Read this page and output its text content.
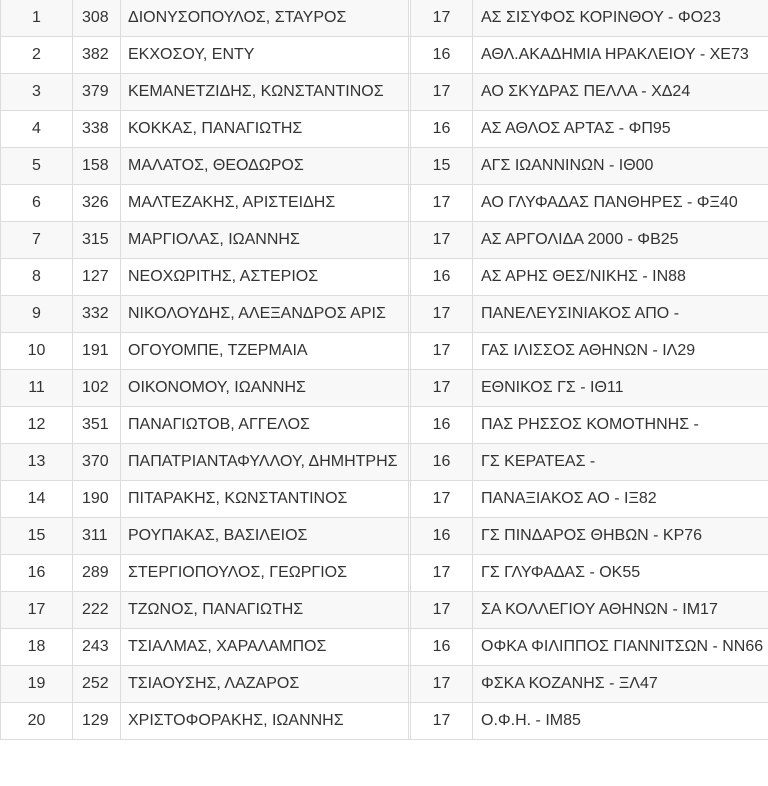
1	308	ΔΙΟΝΥΣΟΠΟΥΛΟΣ, ΣΤΑΥΡΟΣ		17	ΑΣ ΣΙΣΥΦΟΣ ΚΟΡΙΝΘΟΥ - ΦΟ23
2	382	ΕΚΧΟΣΟΥ, ΕΝΤΥ		16	ΑΘΛ.ΑΚΑΔΗΜΙΑ ΗΡΑΚΛΕΙΟΥ - ΧΕ73
3	379	ΚΕΜΑΝΕΤΖΙΔΗΣ, ΚΩΝΣΤΑΝΤΙΝΟΣ		17	ΑΟ ΣΚΥΔΡΑΣ ΠΕΛΛΑ - ΧΔ24
4	338	ΚΟΚΚΑΣ, ΠΑΝΑΓΙΩΤΗΣ		16	ΑΣ ΑΘΛΟΣ ΑΡΤΑΣ - ΦΠ95
5	158	ΜΑΛΑΤΟΣ, ΘΕΟΔΩΡΟΣ		15	ΑΓΣ ΙΩΑΝΝΙΝΩΝ - ΙΘ00
6	326	ΜΑΛΤΕΖΑΚΗΣ, ΑΡΙΣΤΕΙΔΗΣ		17	ΑΟ ΓΛΥΦΑΔΑΣ ΠΑΝΘΗΡΕΣ - ΦΞ40
7	315	ΜΑΡΓΙΟΛΑΣ, ΙΩΑΝΝΗΣ		17	ΑΣ ΑΡΓΟΛΙΔΑ 2000 - ΦΒ25
8	127	ΝΕΟΧΩΡΙΤΗΣ, ΑΣΤΕΡΙΟΣ		16	ΑΣ ΑΡΗΣ ΘΕΣ/ΝΙΚΗΣ - ΙΝ88
9	332	ΝΙΚΟΛΟΥΔΗΣ, ΑΛΕΞΑΝΔΡΟΣ ΑΡΙΣ		17	ΠΑΝΕΛΕΥΣΙΝΙΑΚΟΣ ΑΠΟ -
10	191	ΟΓΟΥΟΜΠΕ, ΤΖΕΡΜΑΙΑ		17	ΓΑΣ ΙΛΙΣΣΟΣ ΑΘΗΝΩΝ - ΙΛ29
11	102	ΟΙΚΟΝΟΜΟΥ, ΙΩΑΝΝΗΣ		17	ΕΘΝΙΚΟΣ ΓΣ - ΙΘ11
12	351	ΠΑΝΑΓΙΩΤΟΒ, ΑΓΓΕΛΟΣ		16	ΠΑΣ ΡΗΣΣΟΣ ΚΟΜΟΤΗΝΗΣ -
13	370	ΠΑΠΑΤΡΙΑΝΤΑΦΥΛΛΟΥ, ΔΗΜΗΤΡΗΣ		16	ΓΣ ΚΕΡΑΤΕΑΣ -
14	190	ΠΙΤΑΡΑΚΗΣ, ΚΩΝΣΤΑΝΤΙΝΟΣ		17	ΠΑΝΑΞΙΑΚΟΣ ΑΟ - ΙΞ82
15	311	ΡΟΥΠΑΚΑΣ, ΒΑΣΙΛΕΙΟΣ		16	ΓΣ ΠΙΝΔΑΡΟΣ ΘΗΒΩΝ - ΚΡ76
16	289	ΣΤΕΡΓΙΟΠΟΥΛΟΣ, ΓΕΩΡΓΙΟΣ		17	ΓΣ ΓΛΥΦΑΔΑΣ - ΟΚ55
17	222	ΤΖΩΝΟΣ, ΠΑΝΑΓΙΩΤΗΣ		17	ΣΑ ΚΟΛΛΕΓΙΟΥ ΑΘΗΝΩΝ - ΙΜ17
18	243	ΤΣΙΑΛΜΑΣ, ΧΑΡΑΛΑΜΠΟΣ		16	ΟΦΚΑ ΦΙΛΙΠΠΟΣ ΓΙΑΝΝΙΤΣΩΝ - ΝΝ66
19	252	ΤΣΙΑΟΥΣΗΣ, ΛΑΖΑΡΟΣ		17	ΦΣΚΑ ΚΟΖΑΝΗΣ - ΞΛ47
20	129	ΧΡΙΣΤΟΦΟΡΑΚΗΣ, ΙΩΑΝΝΗΣ		17	Ο.Φ.Η. - ΙΜ85
